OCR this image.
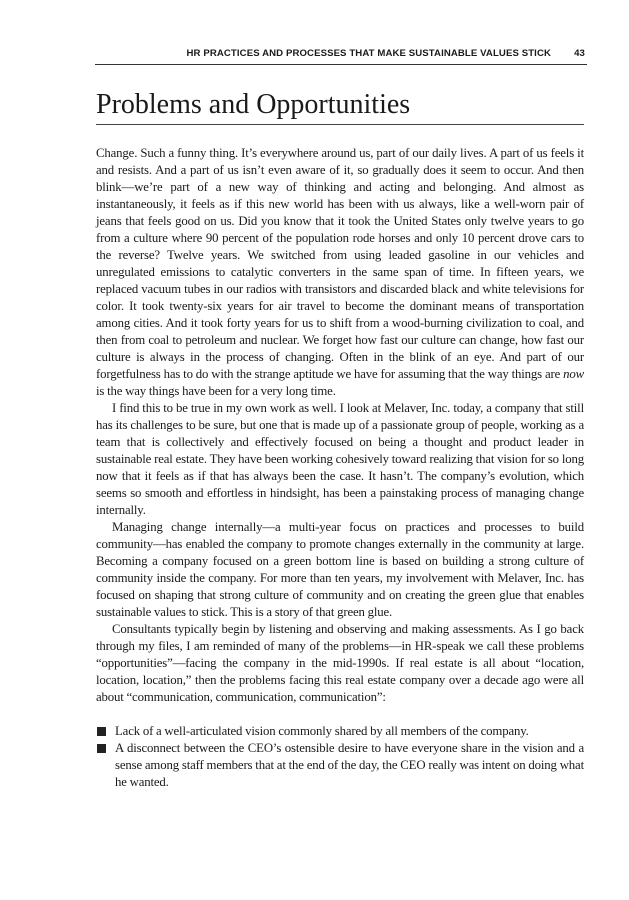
HR PRACTICES AND PROCESSES THAT MAKE SUSTAINABLE VALUES STICK 43
Problems and Opportunities

Change. Such a funny thing. It’s everywhere around us, part of our daily lives. A part of us feels it and resists. And a part of us isn’t even aware of it, so gradually does it seem to occur. And then blink—we’re part of a new way of thinking and acting and belonging. And almost as instantaneously, it feels as if this new world has been with us always, like a well-worn pair of jeans that feels good on us. Did you know that it took the United States only twelve years to go from a culture where 90 percent of the population rode horses and only 10 percent drove cars to the reverse? Twelve years. We switched from using leaded gasoline in our vehicles and unregulated emissions to catalytic converters in the same span of time. In fifteen years, we replaced vacuum tubes in our radios with transistors and discarded black and white televisions for color. It took twenty-six years for air travel to become the dominant means of transportation among cities. And it took forty years for us to shift from a wood-burning civilization to coal, and then from coal to petroleum and nuclear. We forget how fast our culture can change, how fast our culture is always in the process of changing. Often in the blink of an eye. And part of our forgetfulness has to do with the strange aptitude we have for assuming that the way things are now is the way things have been for a very long time.

I find this to be true in my own work as well. I look at Melaver, Inc. today, a company that still has its challenges to be sure, but one that is made up of a passionate group of people, working as a team that is collectively and effectively focused on being a thought and product leader in sustainable real estate. They have been working cohesively toward realizing that vision for so long now that it feels as if that has always been the case. It hasn’t. The company’s evolution, which seems so smooth and effortless in hindsight, has been a painstaking process of managing change internally.

Managing change internally—a multi-year focus on practices and processes to build community—has enabled the company to promote changes externally in the community at large. Becoming a company focused on a green bottom line is based on building a strong culture of community inside the company. For more than ten years, my involvement with Melaver, Inc. has focused on shaping that strong culture of community and on creating the green glue that enables sustainable values to stick. This is a story of that green glue.

Consultants typically begin by listening and observing and making assessments. As I go back through my files, I am reminded of many of the problems—in HR-speak we call these problems “opportunities”—facing the company in the mid-1990s. If real estate is all about “location, location, location,” then the problems facing this real estate company over a decade ago were all about “communication, communication, communication”:

Lack of a well-articulated vision commonly shared by all members of the company.
A disconnect between the CEO’s ostensible desire to have everyone share in the vision and a sense among staff members that at the end of the day, the CEO really was intent on doing what he wanted.
